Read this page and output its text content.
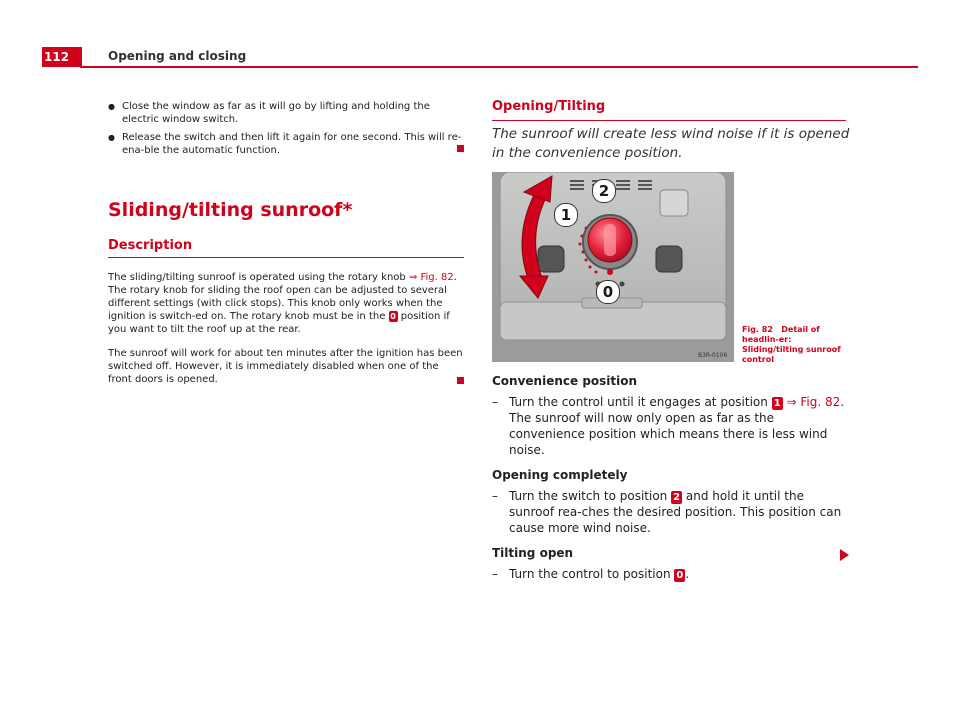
112	Opening and closing
● Close the window as far as it will go by lifting and holding the electric window switch.
● Release the switch and then lift it again for one second. This will re-ena-ble the automatic function.
Sliding/tilting sunroof*
Description
The sliding/tilting sunroof is operated using the rotary knob ⇒ Fig. 82. The rotary knob for sliding the roof open can be adjusted to several different settings (with click stops). This knob only works when the ignition is switch-ed on. The rotary knob must be in the 0 position if you want to tilt the roof up at the rear.
The sunroof will work for about ten minutes after the ignition has been switched off. However, it is immediately disabled when one of the front doors is opened.
Opening/Tilting
The sunroof will create less wind noise if it is opened in the convenience position.
1
2
0
B3R-0106
Fig. 82 Detail of headlin-er: Sliding/tilting sunroof control
Convenience position
– Turn the control until it engages at position 1 ⇒ Fig. 82. The sunroof will now only open as far as the convenience position which means there is less wind noise.
Opening completely
– Turn the switch to position 2 and hold it until the sunroof rea-ches the desired position. This position can cause more wind noise.
Tilting open
– Turn the control to position 0 .
